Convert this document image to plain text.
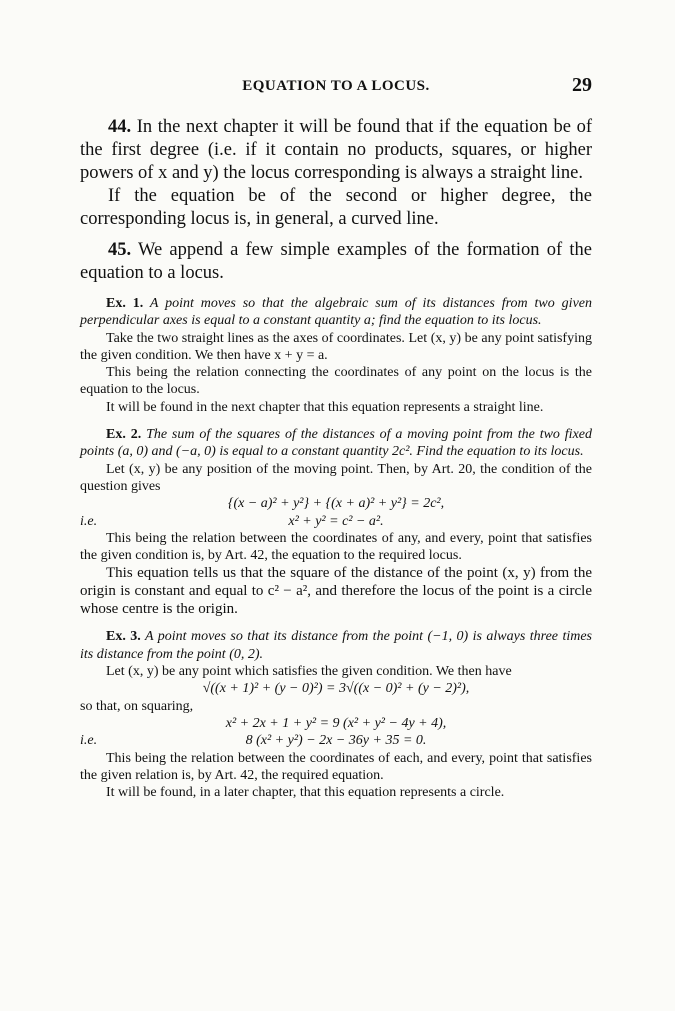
EQUATION TO A LOCUS.	29

44. In the next chapter it will be found that if the equation be of the first degree (i.e. if it contain no products, squares, or higher powers of x and y) the locus corresponding is always a straight line.

If the equation be of the second or higher degree, the corresponding locus is, in general, a curved line.

45. We append a few simple examples of the formation of the equation to a locus.

Ex. 1. A point moves so that the algebraic sum of its distances from two given perpendicular axes is equal to a constant quantity a; find the equation to its locus.

Take the two straight lines as the axes of coordinates. Let (x, y) be any point satisfying the given condition. We then have x + y = a.

This being the relation connecting the coordinates of any point on the locus is the equation to the locus.

It will be found in the next chapter that this equation represents a straight line.

Ex. 2. The sum of the squares of the distances of a moving point from the two fixed points (a, 0) and (−a, 0) is equal to a constant quantity 2c². Find the equation to its locus.

Let (x, y) be any position of the moving point. Then, by Art. 20, the condition of the question gives

{(x − a)² + y²} + {(x + a)² + y²} = 2c²,
i.e.	x² + y² = c² − a².

This being the relation between the coordinates of any, and every, point that satisfies the given condition is, by Art. 42, the equation to the required locus.

This equation tells us that the square of the distance of the point (x, y) from the origin is constant and equal to c² − a², and therefore the locus of the point is a circle whose centre is the origin.

Ex. 3. A point moves so that its distance from the point (−1, 0) is always three times its distance from the point (0, 2).

Let (x, y) be any point which satisfies the given condition. We then have

√((x + 1)² + (y − 0)²) = 3√((x − 0)² + (y − 2)²),

so that, on squaring,

x² + 2x + 1 + y² = 9 (x² + y² − 4y + 4),
i.e.	8 (x² + y²) − 2x − 36y + 35 = 0.

This being the relation between the coordinates of each, and every, point that satisfies the given relation is, by Art. 42, the required equation.

It will be found, in a later chapter, that this equation represents a circle.
